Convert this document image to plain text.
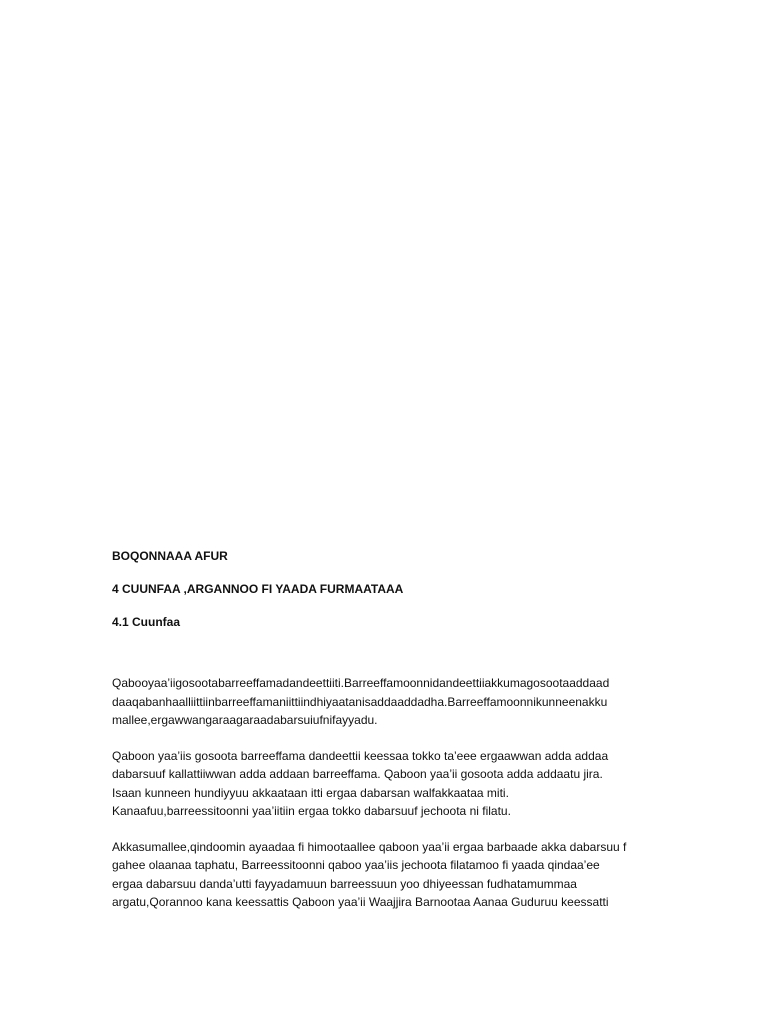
BOQONNAAA AFUR

4 CUUNFAA ,ARGANNOO FI YAADA FURMAATAAA

4.1 Cuunfaa

Qabooyaa’iigosootabarreeffamadandeettiiti.Barreeffamoonnidandeettiiakkumagosootaaddaad
daaqabanhaalliittiinbarreeffamaniittiindhiyaatanisaddaaddadha.Barreeffamoonnikunneenakku
mallee,ergawwangaraagaraadabarsuiufnifayyadu.

Qaboon yaa’iis gosoota barreeffama dandeettii keessaa tokko ta’eee ergaawwan adda addaa
dabarsuuf kallattiiwwan adda addaan barreeffama. Qaboon yaa’ii gosoota adda addaatu jira.
Isaan kunneen hundiyyuu akkaataan itti ergaa dabarsan walfakkaataa miti.
Kanaafuu,barreessitoonni yaa’iitiin ergaa tokko dabarsuuf jechoota ni filatu.

Akkasumallee,qindoomin ayaadaa fi himootaallee qaboon yaa’ii ergaa barbaade akka dabarsuu f
gahee olaanaa taphatu, Barreessitoonni qaboo yaa’iis jechoota filatamoo fi yaada qindaa’ee
ergaa dabarsuu danda’utti fayyadamuun barreessuun yoo dhiyeessan fudhatamummaa
argatu,Qorannoo kana keessattis Qaboon yaa’ii Waajjira Barnootaa Aanaa Guduruu keessatti
